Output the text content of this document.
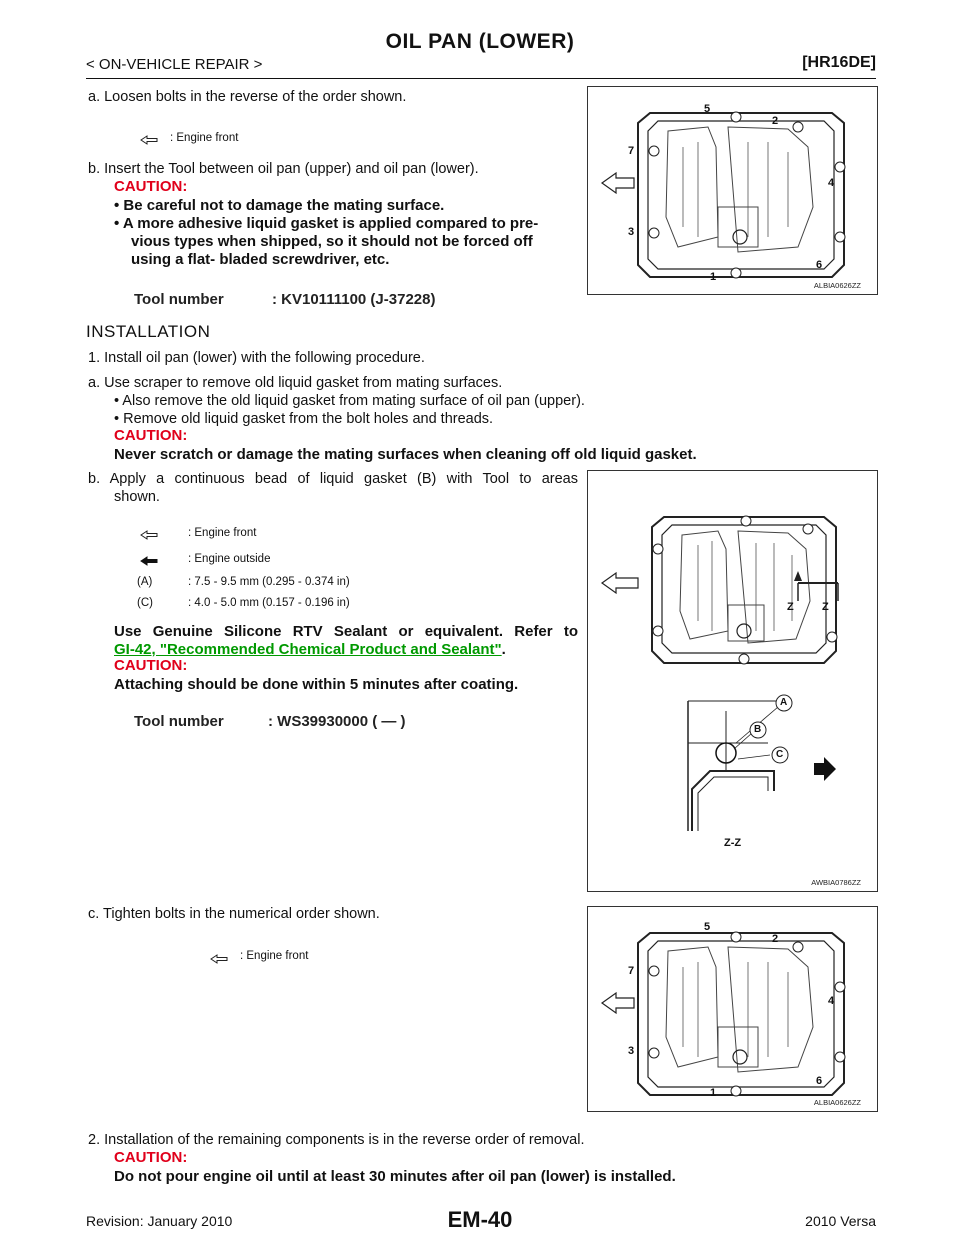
OIL PAN (LOWER)
< ON-VEHICLE REPAIR >	[HR16DE]
a. Loosen bolts in the reverse of the order shown.
b. Insert the Tool between oil pan (upper) and oil pan (lower).
CAUTION:
• Be careful not to damage the mating surface.
• A more adhesive liquid gasket is applied compared to pre-
vious types when shipped, so it should not be forced off
using a flat- bladed screwdriver, etc.
: Engine front
Tool number	: KV10111100 (J-37228)
5
2
7
4
3
6
1
ALBIA0626ZZ
INSTALLATION
1. Install oil pan (lower) with the following procedure.
a. Use scraper to remove old liquid gasket from mating surfaces.
• Also remove the old liquid gasket from mating surface of oil pan (upper).
• Remove old liquid gasket from the bolt holes and threads.
CAUTION:
Never scratch or damage the mating surfaces when cleaning off old liquid gasket.
b. Apply a continuous bead of liquid gasket (B) with Tool to areas
shown.
: Engine front
: Engine outside
(A)	: 7.5 - 9.5 mm (0.295 - 0.374 in)
(C)	: 4.0 - 5.0 mm (0.157 - 0.196 in)
Use Genuine Silicone RTV Sealant or equivalent. Refer to
GI-42, "Recommended Chemical Product and Sealant".
CAUTION:
Attaching should be done within 5 minutes after coating.
Tool number	: WS39930000 ( — )
Z	Z
A
B
C
Z-Z
AWBIA0786ZZ
c. Tighten bolts in the numerical order shown.
: Engine front
5
2
7
4
3
6
1
ALBIA0626ZZ
2. Installation of the remaining components is in the reverse order of removal.
CAUTION:
Do not pour engine oil until at least 30 minutes after oil pan (lower) is installed.
EM-40
Revision: January 2010	2010 Versa
